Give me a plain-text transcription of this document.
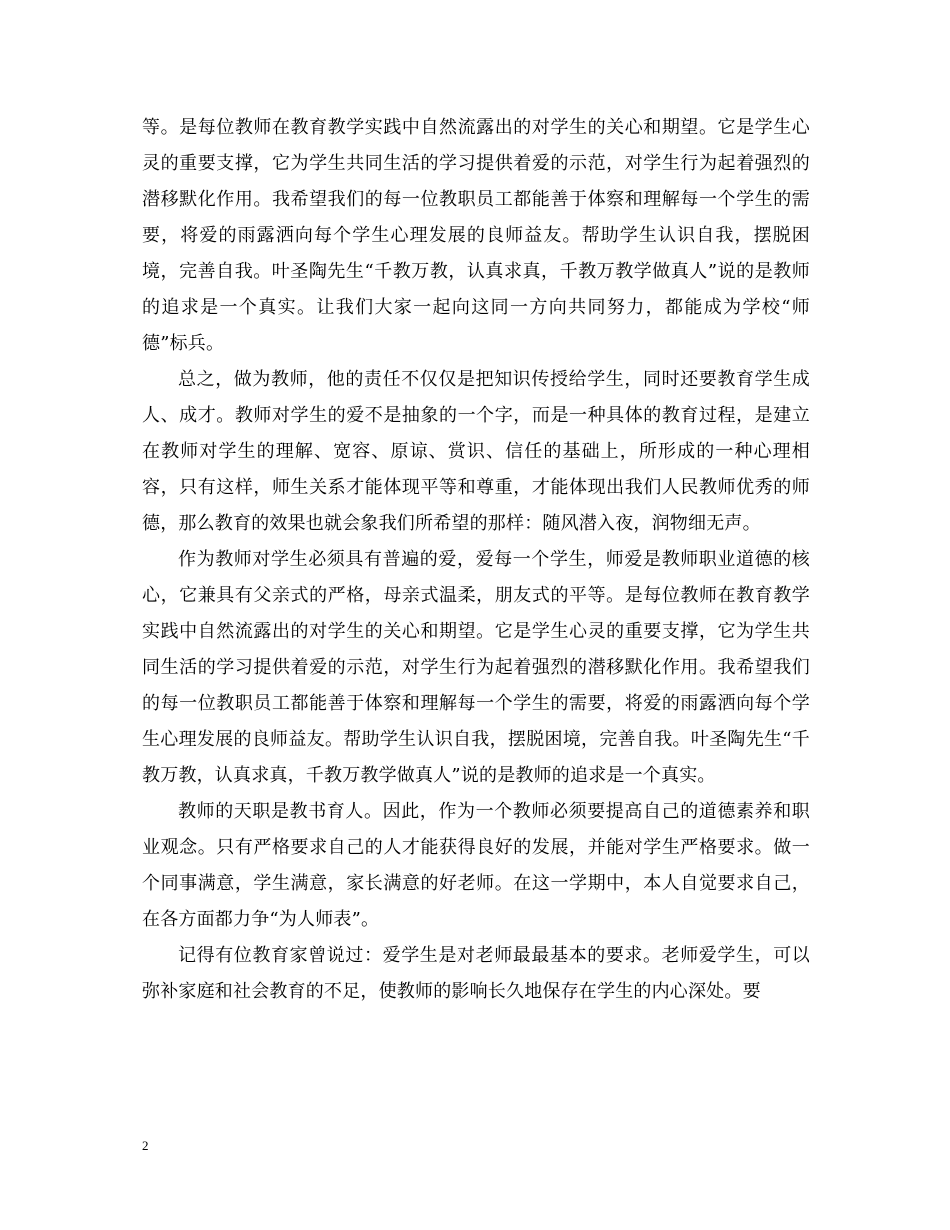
等。是每位教师在教育教学实践中自然流露出的对学生的关心和期望。它是学生心灵的重要支撑，它为学生共同生活的学习提供着爱的示范，对学生行为起着强烈的潜移默化作用。我希望我们的每一位教职员工都能善于体察和理解每一个学生的需要，将爱的雨露洒向每个学生心理发展的良师益友。帮助学生认识自我，摆脱困境，完善自我。叶圣陶先生“千教万教，认真求真，千教万教学做真人”说的是教师的追求是一个真实。让我们大家一起向这同一方向共同努力，都能成为学校“师德”标兵。

总之，做为教师，他的责任不仅仅是把知识传授给学生，同时还要教育学生成人、成才。教师对学生的爱不是抽象的一个字，而是一种具体的教育过程，是建立在教师对学生的理解、宽容、原谅、赏识、信任的基础上，所形成的一种心理相容，只有这样，师生关系才能体现平等和尊重，才能体现出我们人民教师优秀的师德，那么教育的效果也就会象我们所希望的那样：随风潜入夜，润物细无声。

作为教师对学生必须具有普遍的爱，爱每一个学生，师爱是教师职业道德的核心，它兼具有父亲式的严格，母亲式温柔，朋友式的平等。是每位教师在教育教学实践中自然流露出的对学生的关心和期望。它是学生心灵的重要支撑，它为学生共同生活的学习提供着爱的示范，对学生行为起着强烈的潜移默化作用。我希望我们的每一位教职员工都能善于体察和理解每一个学生的需要，将爱的雨露洒向每个学生心理发展的良师益友。帮助学生认识自我，摆脱困境，完善自我。叶圣陶先生“千教万教，认真求真，千教万教学做真人”说的是教师的追求是一个真实。

教师的天职是教书育人。因此，作为一个教师必须要提高自己的道德素养和职业观念。只有严格要求自己的人才能获得良好的发展，并能对学生严格要求。做一个同事满意，学生满意，家长满意的好老师。在这一学期中，本人自觉要求自己，在各方面都力争“为人师表”。

记得有位教育家曾说过：爱学生是对老师最最基本的要求。老师爱学生，可以弥补家庭和社会教育的不足，使教师的影响长久地保存在学生的内心深处。要

2
